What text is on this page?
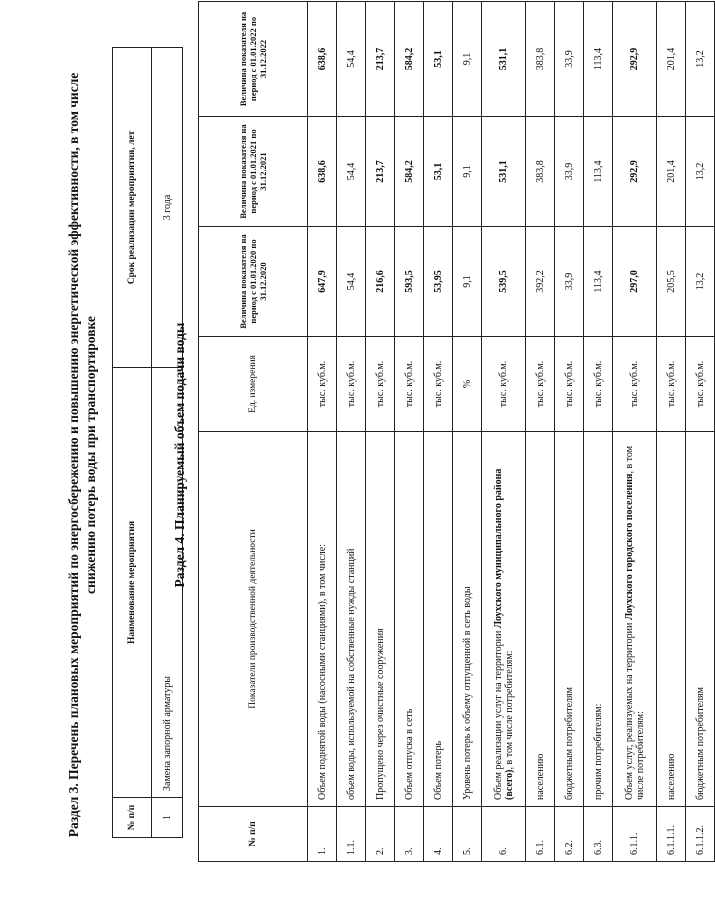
Раздел 3. Перечень плановых мероприятий по энергосбережению и повышению энергетической эффективности, в том числе снижению потерь воды при транспортировке
№ п/п	Наименование мероприятия	Срок реализации мероприятия, лет
1	Замена запорной арматуры	3 года
Раздел 4. Планируемый объем подачи воды
№ п/п	Показатели производственной деятельности	Ед. измерения	Величина показателя на период с 01.01.2020 по 31.12.2020	Величина показателя на период с 01.01.2021 по 31.12.2021	Величина показателя на период с 01.01.2022 по 31.12.2022
1.	Объем поднятой воды (насосными станциями), в том числе:	тыс. куб.м.	647,9	638,6	638,6
1.1.	объем воды, используемой на собственные нужды станций	тыс. куб.м.	54,4	54,4	54,4
2.	Пропущено через очистные сооружения	тыс. куб.м.	216,6	213,7	213,7
3.	Объем отпуска в сеть	тыс. куб.м.	593,5	584,2	584,2
4.	Объем потерь	тыс. куб.м.	53,95	53,1	53,1
5.	Уровень потерь к объему отпущенной в сеть воды	%	9,1	9,1	9,1
6.	Объем реализации услуг на территории Лоухского муниципального района (всего), в том числе потребителям:	тыс. куб.м.	539,5	531,1	531,1
6.1.	населению	тыс. куб.м.	392,2	383,8	383,8
6.2.	бюджетным потребителям	тыс. куб.м.	33,9	33,9	33,9
6.3.	прочим потребителям:	тыс. куб.м.	113,4	113,4	113,4
6.1.1.	Объем услуг, реализуемых на территории Лоухского городского поселения, в том числе потребителям:	тыс. куб.м.	297,0	292,9	292,9
6.1.1.1.	населению	тыс. куб.м.	205,5	201,4	201,4
6.1.1.2.	бюджетным потребителям	тыс. куб.м.	13,2	13,2	13,2
